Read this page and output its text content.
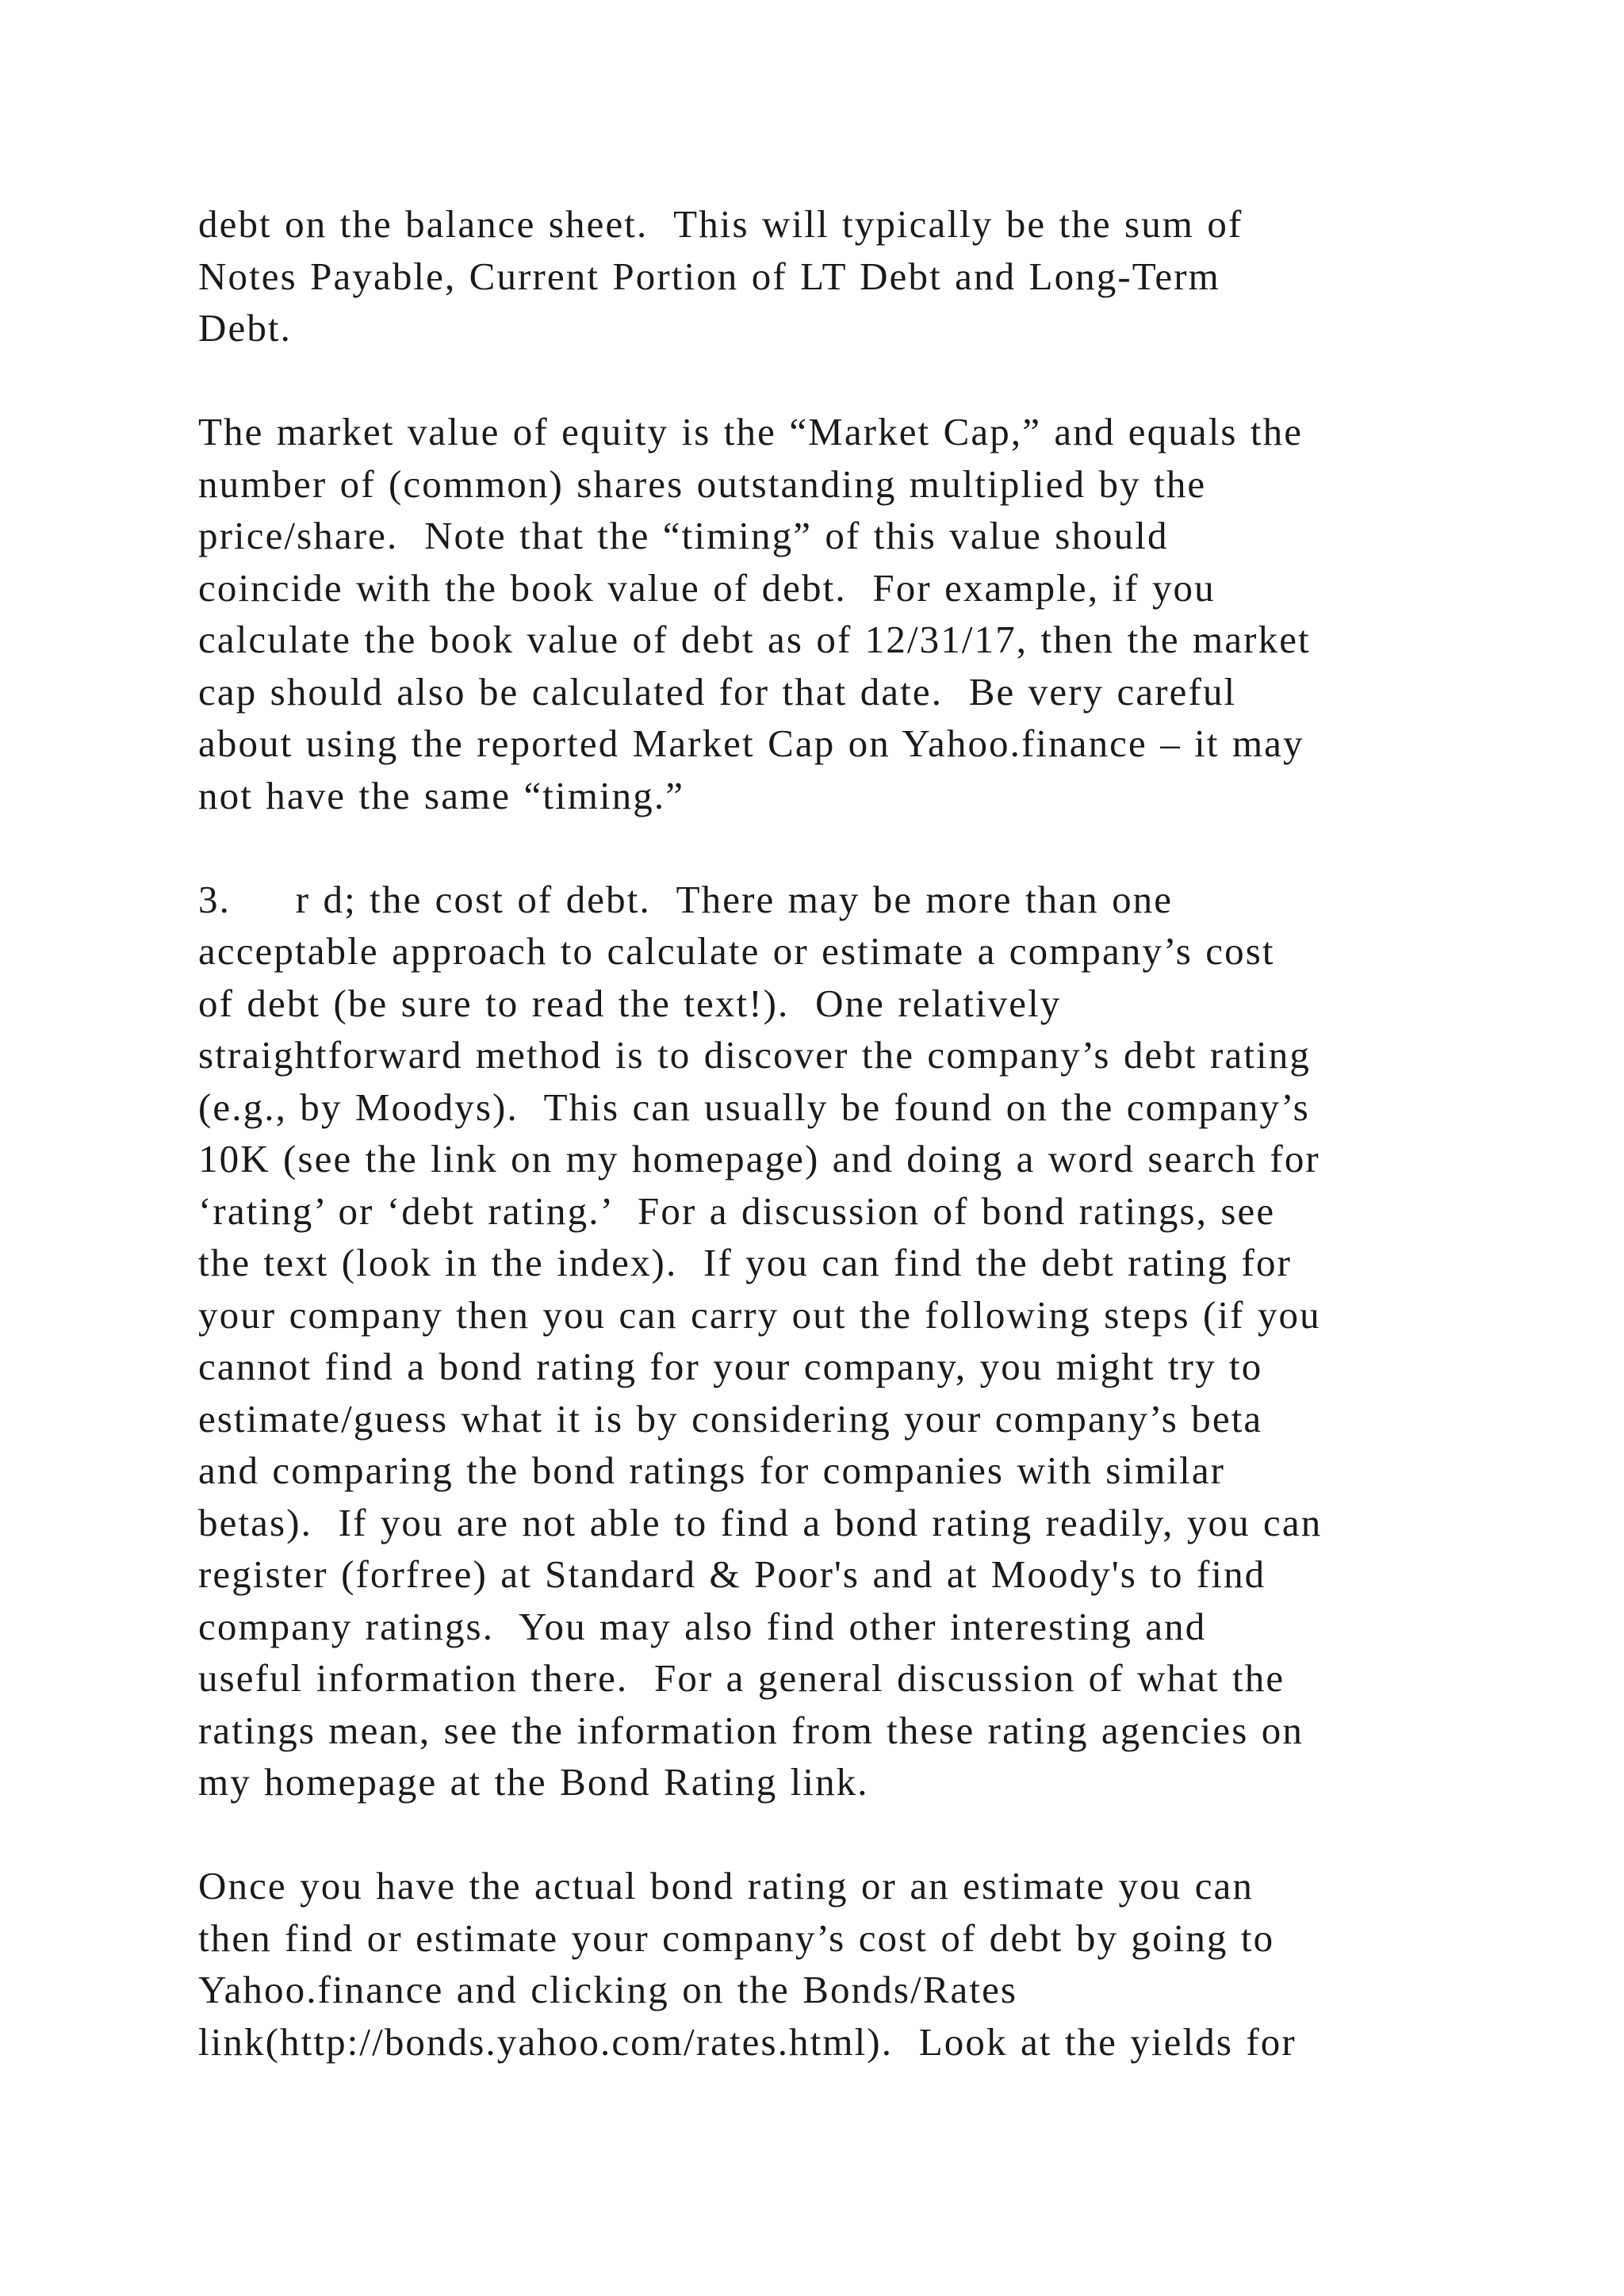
debt on the balance sheet.  This will typically be the sum of
Notes Payable, Current Portion of LT Debt and Long-Term
Debt.

The market value of equity is the “Market Cap,” and equals the
number of (common) shares outstanding multiplied by the
price/share.  Note that the “timing” of this value should
coincide with the book value of debt.  For example, if you
calculate the book value of debt as of 12/31/17, then the market
cap should also be calculated for that date.  Be very careful
about using the reported Market Cap on Yahoo.finance – it may
not have the same “timing.”

3.     r d; the cost of debt.  There may be more than one
acceptable approach to calculate or estimate a company’s cost
of debt (be sure to read the text!).  One relatively
straightforward method is to discover the company’s debt rating
(e.g., by Moodys).  This can usually be found on the company’s
10K (see the link on my homepage) and doing a word search for
‘rating’ or ‘debt rating.’  For a discussion of bond ratings, see
the text (look in the index).  If you can find the debt rating for
your company then you can carry out the following steps (if you
cannot find a bond rating for your company, you might try to
estimate/guess what it is by considering your company’s beta
and comparing the bond ratings for companies with similar
betas).  If you are not able to find a bond rating readily, you can
register (forfree) at Standard & Poor's and at Moody's to find
company ratings.  You may also find other interesting and
useful information there.  For a general discussion of what the
ratings mean, see the information from these rating agencies on
my homepage at the Bond Rating link.

Once you have the actual bond rating or an estimate you can
then find or estimate your company’s cost of debt by going to
Yahoo.finance and clicking on the Bonds/Rates
link(http://bonds.yahoo.com/rates.html).  Look at the yields for
